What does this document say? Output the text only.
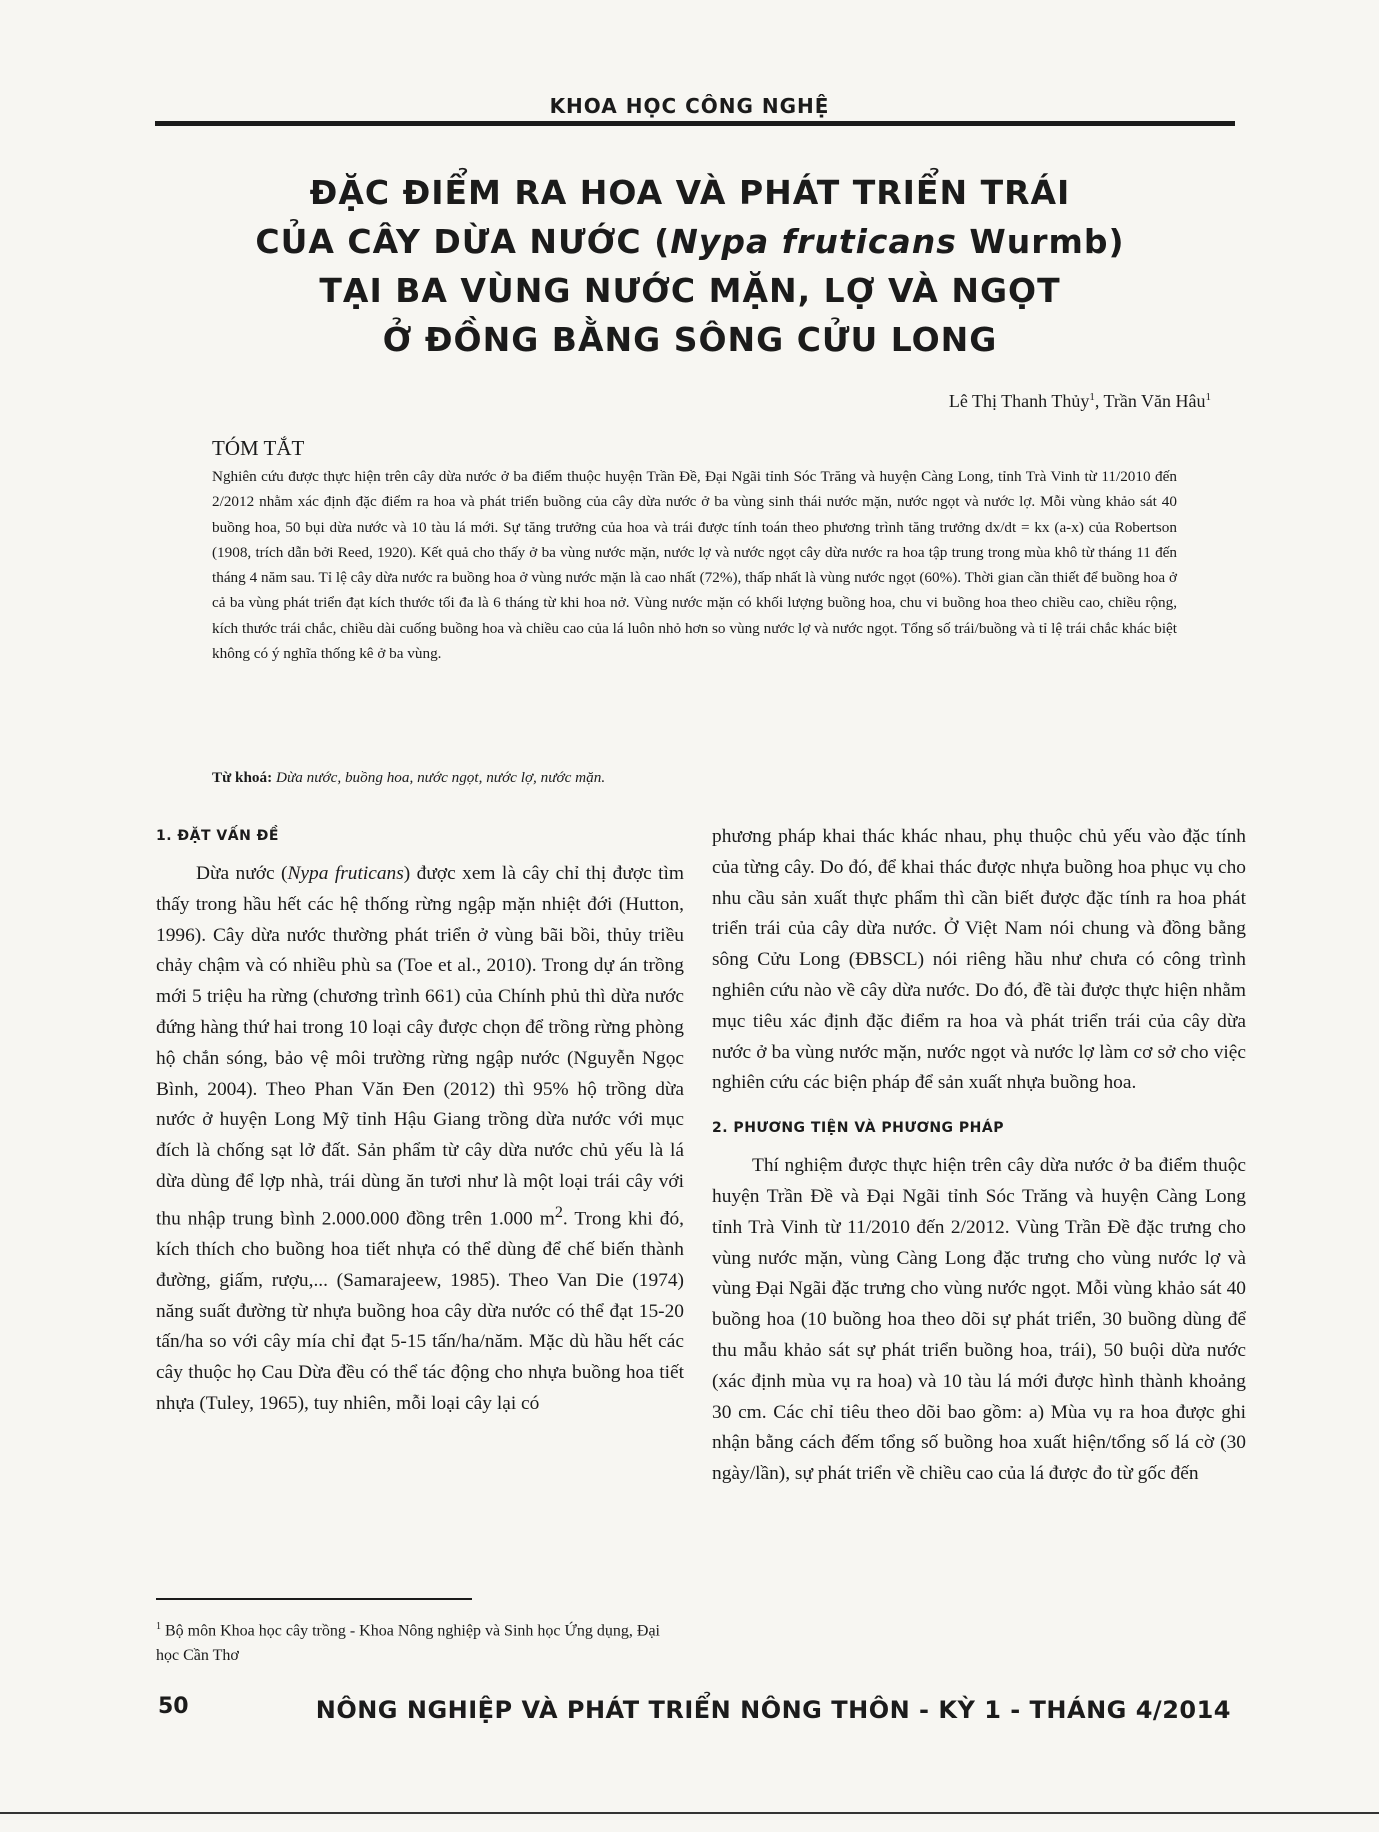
KHOA HỌC CÔNG NGHỆ
ĐẶC ĐIỂM RA HOA VÀ PHÁT TRIỂN TRÁI
CỦA CÂY DỪA NƯỚC (Nypa fruticans Wurmb)
TẠI BA VÙNG NƯỚC MẶN, LỢ VÀ NGỌT
Ở ĐỒNG BẰNG SÔNG CỬU LONG
Lê Thị Thanh Thủy$^1$, Trần Văn Hâu$^1$
TÓM TẮT

Nghiên cứu được thực hiện trên cây dừa nước ở ba điểm thuộc huyện Trần Đề, Đại Ngãi tỉnh Sóc Trăng và huyện Càng Long, tỉnh Trà Vinh từ 11/2010 đến 2/2012 nhằm xác định đặc điểm ra hoa và phát triển buồng của cây dừa nước ở ba vùng sinh thái nước mặn, nước ngọt và nước lợ. Mỗi vùng khảo sát 40 buồng hoa, 50 bụi dừa nước và 10 tàu lá mới. Sự tăng trưởng của hoa và trái được tính toán theo phương trình tăng trưởng dx/dt = kx (a-x) của Robertson (1908, trích dẫn bởi Reed, 1920). Kết quả cho thấy ở ba vùng nước mặn, nước lợ và nước ngọt cây dừa nước ra hoa tập trung trong mùa khô từ tháng 11 đến tháng 4 năm sau. Tỉ lệ cây dừa nước ra buồng hoa ở vùng nước mặn là cao nhất (72%), thấp nhất là vùng nước ngọt (60%). Thời gian cần thiết để buồng hoa ở cả ba vùng phát triển đạt kích thước tối đa là 6 tháng từ khi hoa nở. Vùng nước mặn có khối lượng buồng hoa, chu vi buồng hoa theo chiều cao, chiều rộng, kích thước trái chắc, chiều dài cuống buồng hoa và chiều cao của lá luôn nhỏ hơn so vùng nước lợ và nước ngọt. Tổng số trái/buồng và tỉ lệ trái chắc khác biệt không có ý nghĩa thống kê ở ba vùng.

Từ khoá: Dừa nước, buồng hoa, nước ngọt, nước lợ, nước mặn.

1. ĐẶT VẤN ĐỀ

Dừa nước (Nypa fruticans) được xem là cây chỉ thị được tìm thấy trong hầu hết các hệ thống rừng ngập mặn nhiệt đới (Hutton, 1996). Cây dừa nước thường phát triển ở vùng bãi bồi, thủy triều chảy chậm và có nhiều phù sa (Toe et al., 2010). Trong dự án trồng mới 5 triệu ha rừng (chương trình 661) của Chính phủ thì dừa nước đứng hàng thứ hai trong 10 loại cây được chọn để trồng rừng phòng hộ chắn sóng, bảo vệ môi trường rừng ngập nước (Nguyễn Ngọc Bình, 2004). Theo Phan Văn Đen (2012) thì 95% hộ trồng dừa nước ở huyện Long Mỹ tỉnh Hậu Giang trồng dừa nước với mục đích là chống sạt lở đất. Sản phẩm từ cây dừa nước chủ yếu là lá dừa dùng để lợp nhà, trái dùng ăn tươi như là một loại trái cây với thu nhập trung bình 2.000.000 đồng trên 1.000 $m^2$. Trong khi đó, kích thích cho buồng hoa tiết nhựa có thể dùng để chế biến thành đường, giấm, rượu,... (Samarajeew, 1985). Theo Van Die (1974) năng suất đường từ nhựa buồng hoa cây dừa nước có thể đạt 15-20 tấn/ha so với cây mía chỉ đạt 5-15 tấn/ha/năm. Mặc dù hầu hết các cây thuộc họ Cau Dừa đều có thể tác động cho nhựa buồng hoa tiết nhựa (Tuley, 1965), tuy nhiên, mỗi loại cây lại có

phương pháp khai thác khác nhau, phụ thuộc chủ yếu vào đặc tính của từng cây. Do đó, để khai thác được nhựa buồng hoa phục vụ cho nhu cầu sản xuất thực phẩm thì cần biết được đặc tính ra hoa phát triển trái của cây dừa nước. Ở Việt Nam nói chung và đồng bằng sông Cửu Long (ĐBSCL) nói riêng hầu như chưa có công trình nghiên cứu nào về cây dừa nước. Do đó, đề tài được thực hiện nhằm mục tiêu xác định đặc điểm ra hoa và phát triển trái của cây dừa nước ở ba vùng nước mặn, nước ngọt và nước lợ làm cơ sở cho việc nghiên cứu các biện pháp để sản xuất nhựa buồng hoa.

2. PHƯƠNG TIỆN VÀ PHƯƠNG PHÁP

Thí nghiệm được thực hiện trên cây dừa nước ở ba điểm thuộc huyện Trần Đề và Đại Ngãi tỉnh Sóc Trăng và huyện Càng Long tỉnh Trà Vinh từ 11/2010 đến 2/2012. Vùng Trần Đề đặc trưng cho vùng nước mặn, vùng Càng Long đặc trưng cho vùng nước lợ và vùng Đại Ngãi đặc trưng cho vùng nước ngọt. Mỗi vùng khảo sát 40 buồng hoa (10 buồng hoa theo dõi sự phát triển, 30 buồng dùng để thu mẫu khảo sát sự phát triển buồng hoa, trái), 50 buội dừa nước (xác định mùa vụ ra hoa) và 10 tàu lá mới được hình thành khoảng 30 cm. Các chỉ tiêu theo dõi bao gồm: a) Mùa vụ ra hoa được ghi nhận bằng cách đếm tổng số buồng hoa xuất hiện/tổng số lá cờ (30 ngày/lần), sự phát triển về chiều cao của lá được đo từ gốc đến

$^1$ Bộ môn Khoa học cây trồng - Khoa Nông nghiệp và Sinh học Ứng dụng, Đại học Cần Thơ
50	NÔNG NGHIỆP VÀ PHÁT TRIỂN NÔNG THÔN - KỲ 1 - THÁNG 4/2014
